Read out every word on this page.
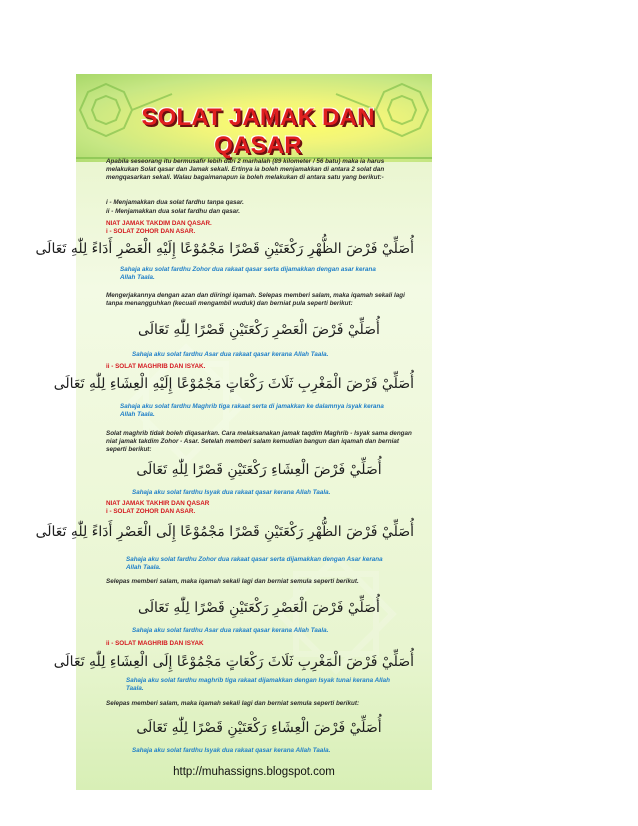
SOLAT JAMAK DAN QASAR

Apabila seseorang itu bermusafir lebih dari 2 marhalah (89 kilometer / 56 batu) maka ia harus melakukan Solat qasar dan Jamak sekali. Ertinya ia boleh menjamakkan di antara 2 solat dan mengqasarkan sekali. Walau bagaimanapun ia boleh melakukan di antara satu yang berikut:-

i - Menjamakkan dua solat fardhu tanpa qasar.

ii - Menjamakkan dua solat fardhu dan qasar.

NIAT JAMAK TAKDIM DAN QASAR.

i - SOLAT ZOHOR DAN ASAR.

أُصَلِّيْ فَرْضَ الظُّهْرِ رَكْعَتَيْنِ قَصْرًا مَجْمُوْعًا إِلَيْهِ الْعَصْرِ أَدَاءً لِلّٰهِ تَعَالَى

Sahaja aku solat fardhu Zohor dua rakaat qasar serta dijamakkan dengan asar kerana Allah Taala.

Mengerjakannya dengan azan dan diiringi iqamah. Selepas memberi salam, maka iqamah sekali lagi tanpa menangguhkan (kecuali mengambil wuduk) dan berniat pula seperti berikut:

أُصَلِّيْ فَرْضَ الْعَصْرِ رَكْعَتَيْنِ قَصْرًا لِلّٰهِ تَعَالَى

Sahaja aku solat fardhu Asar dua rakaat qasar kerana Allah Taala.

ii - SOLAT MAGHRIB DAN ISYAK.

أُصَلِّيْ فَرْضَ الْمَغْرِبِ ثَلَاثَ رَكْعَاتٍ مَجْمُوْعًا إِلَيْهِ الْعِشَاءِ لِلّٰهِ تَعَالَى

Sahaja aku solat fardhu Maghrib tiga rakaat serta di jamakkan ke dalamnya isyak kerana Allah Taala.

Solat maghrib tidak boleh diqasarkan. Cara melaksanakan jamak taqdim Maghrib - Isyak sama dengan niat jamak takdim Zohor - Asar. Setelah memberi salam kemudian bangun dan iqamah dan berniat seperti berikut:

أُصَلِّيْ فَرْضَ الْعِشَاءِ رَكْعَتَيْنِ قَصْرًا لِلّٰهِ تَعَالَى

Sahaja aku solat fardhu Isyak dua rakaat qasar kerana Allah Taala.

NIAT JAMAK TAKHIR DAN QASAR

i - SOLAT ZOHOR DAN ASAR.

أُصَلِّيْ فَرْضَ الظُّهْرِ رَكْعَتَيْنِ قَصْرًا مَجْمُوْعًا إِلَى الْعَصْرِ أَدَاءً لِلّٰهِ تَعَالَى

Sahaja aku solat fardhu Zohor dua rakaat qasar serta dijamakkan dengan Asar kerana Allah Taala.

Selepas memberi salam, maka iqamah sekali lagi dan berniat semula seperti berikut.

أُصَلِّيْ فَرْضَ الْعَصْرِ رَكْعَتَيْنِ قَصْرًا لِلّٰهِ تَعَالَى

Sahaja aku solat fardhu Asar dua rakaat qasar kerana Allah Taala.

ii - SOLAT MAGHRIB DAN ISYAK

أُصَلِّيْ فَرْضَ الْمَغْرِبِ ثَلَاثَ رَكْعَاتٍ مَجْمُوْعًا إِلَى الْعِشَاءِ لِلّٰهِ تَعَالَى

Sahaja aku solat fardhu maghrib tiga rakaat dijamakkan dengan Isyak tunai kerana Allah Taala.

Selepas memberi salam, maka iqamah sekali lagi dan berniat semula seperti berikut:

أُصَلِّيْ فَرْضَ الْعِشَاءِ رَكْعَتَيْنِ قَصْرًا لِلّٰهِ تَعَالَى

Sahaja aku solat fardhu Isyak dua rakaat qasar kerana Allah Taala.

http://muhassigns.blogspot.com
